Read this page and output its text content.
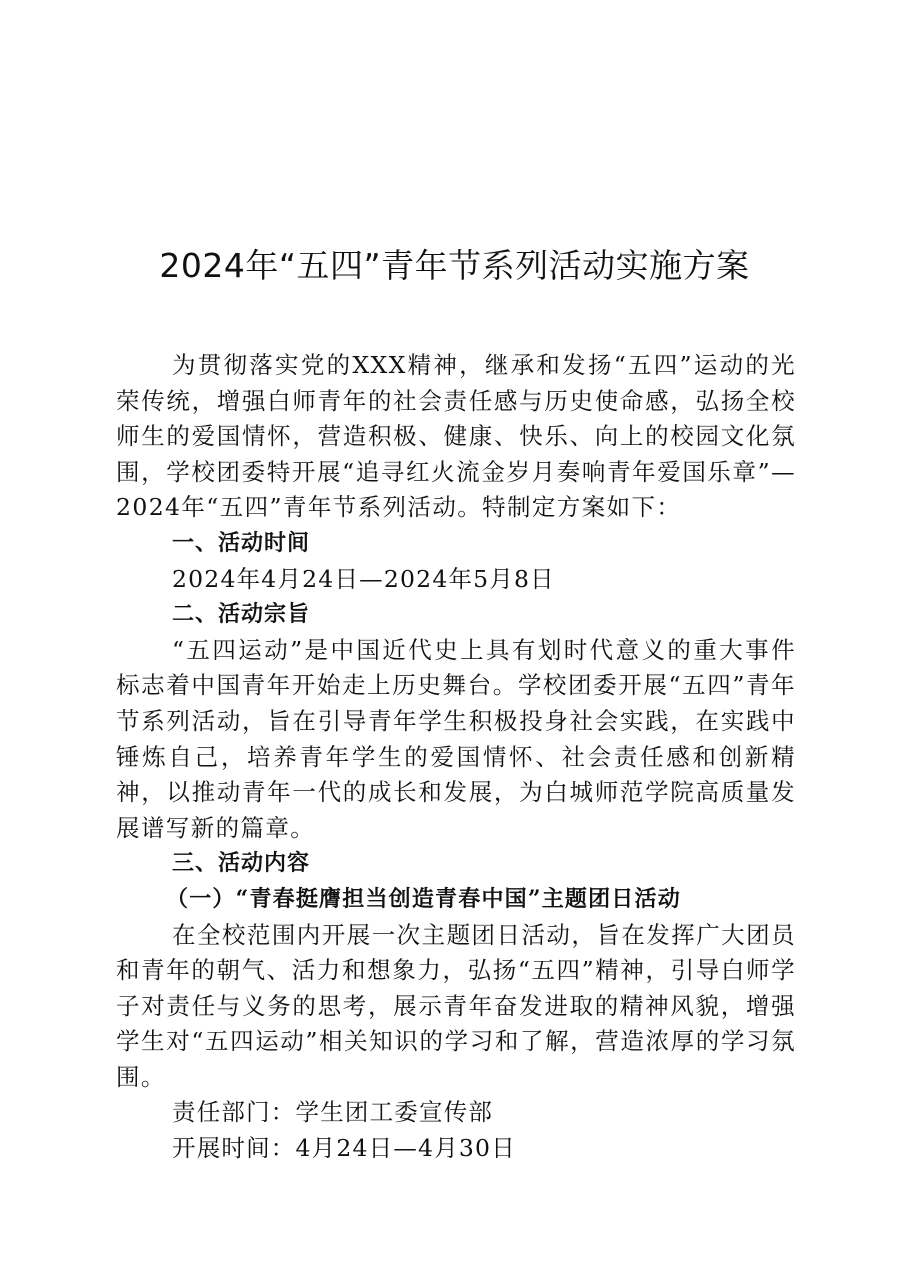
2024年“五四”青年节系列活动实施方案

为贯彻落实党的XXX精神，继承和发扬“五四”运动的光荣传统，增强白师青年的社会责任感与历史使命感，弘扬全校师生的爱国情怀，营造积极、健康、快乐、向上的校园文化氛围，学校团委特开展“追寻红火流金岁月奏响青年爱国乐章”—2024年“五四”青年节系列活动。特制定方案如下：

一、活动时间

2024年4月24日—2024年5月8日

二、活动宗旨

“五四运动”是中国近代史上具有划时代意义的重大事件标志着中国青年开始走上历史舞台。学校团委开展“五四”青年节系列活动，旨在引导青年学生积极投身社会实践，在实践中锤炼自己，培养青年学生的爱国情怀、社会责任感和创新精神，以推动青年一代的成长和发展，为白城师范学院高质量发展谱写新的篇章。

三、活动内容

（一）“青春挺膺担当创造青春中国”主题团日活动

在全校范围内开展一次主题团日活动，旨在发挥广大团员和青年的朝气、活力和想象力，弘扬“五四”精神，引导白师学子对责任与义务的思考，展示青年奋发进取的精神风貌，增强学生对“五四运动”相关知识的学习和了解，营造浓厚的学习氛围。

责任部门：学生团工委宣传部

开展时间：4月24日—4月30日
